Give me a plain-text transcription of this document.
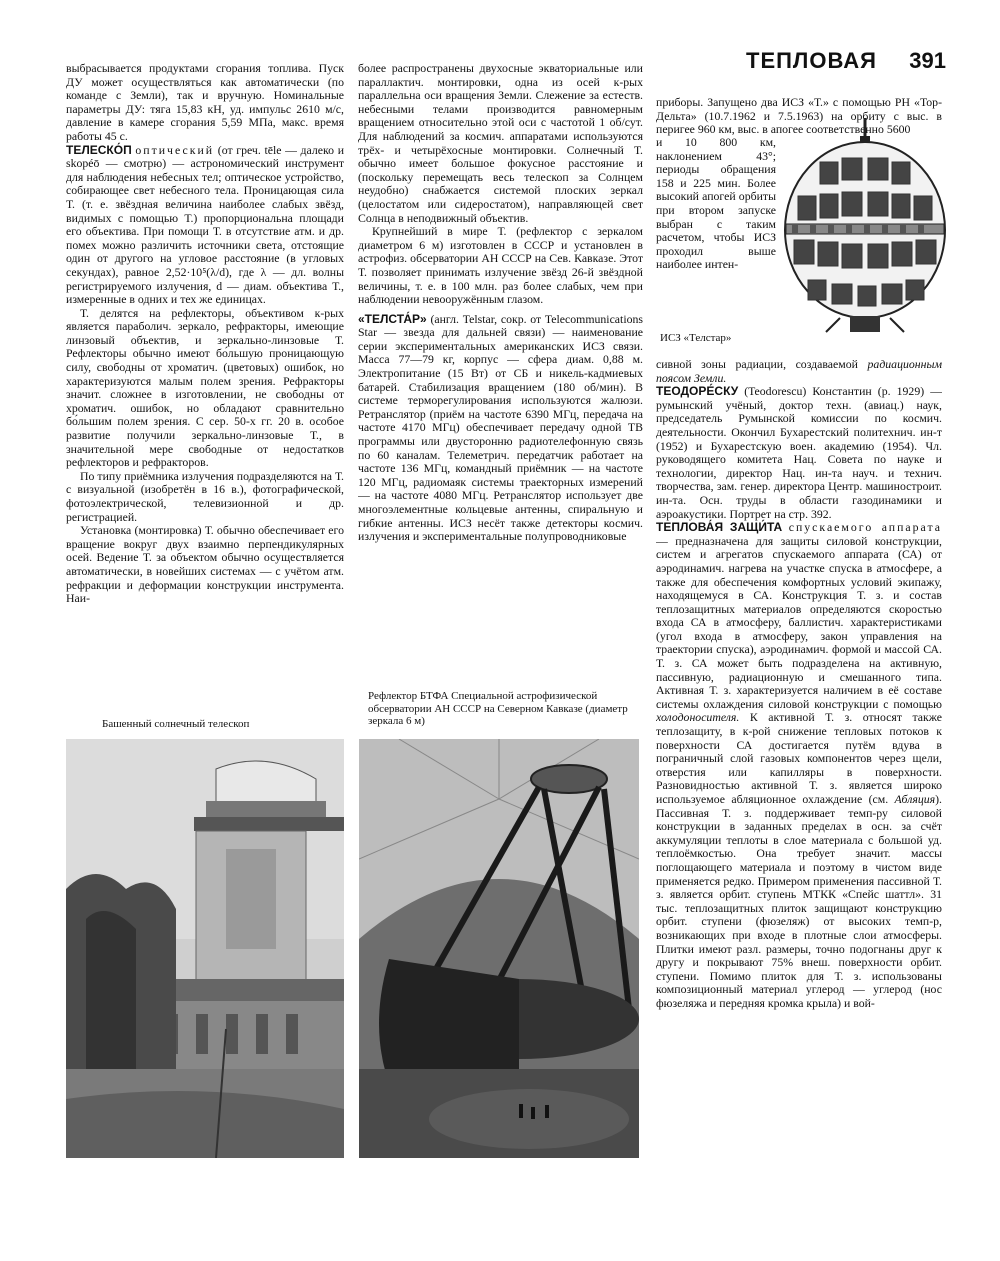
ТЕПЛОВАЯ 391

выбрасывается продуктами сгорания топлива. Пуск ДУ может осуществляться как автоматически (по команде с Земли), так и вручную. Номинальные параметры ДУ: тяга 15,83 кН, уд. импульс 2610 м/с, давление в камере сгорания 5,59 МПа, макс. время работы 45 с.

ТЕЛЕСКО́П оптический (от греч. tēle — далеко и skopéō — смотрю) — астрономический инструмент для наблюдения небесных тел; оптическое устройство, собирающее свет небесного тела. Проницающая сила Т. (т. е. звёздная величина наиболее слабых звёзд, видимых с помощью Т.) пропорциональна площади его объектива. При помощи Т. в отсутствие атм. и др. помех можно различить источники света, отстоящие один от другого на угловое расстояние (в угловых секундах), равное 2,52·10⁵(λ/d), где λ — дл. волны регистрируемого излучения, d — диам. объектива Т., измеренные в одних и тех же единицах.

Т. делятся на рефлекторы, объективом к-рых является параболич. зеркало, рефракторы, имеющие линзовый объектив, и зеркально-линзовые Т. Рефлекторы обычно имеют бо́льшую проницающую силу, свободны от хроматич. (цветовых) ошибок, но характеризуются малым полем зрения. Рефракторы значит. сложнее в изготовлении, не свободны от хроматич. ошибок, но обладают сравнительно бо́льшим полем зрения. С сер. 50-х гг. 20 в. особое развитие получили зеркально-линзовые Т., в значительной мере свободные от недостатков рефлекторов и рефракторов.

По типу приёмника излучения подразделяются на Т. с визуальной (изобретён в 16 в.), фотографической, фотоэлектрической, телевизионной и др. регистрацией.

Установка (монтировка) Т. обычно обеспечивает его вращение вокруг двух взаимно перпендикулярных осей. Ведение Т. за объектом обычно осуществляется автоматически, в новейших системах — с учётом атм. рефракции и деформации конструкции инструмента. Наи-

более распространены двухосные экваториальные или параллактич. монтировки, одна из осей к-рых параллельна оси вращения Земли. Слежение за естеств. небесными телами производится равномерным вращением относительно этой оси с частотой 1 об/сут. Для наблюдений за космич. аппаратами используются трёх- и четырёхосные монтировки. Солнечный Т. обычно имеет большое фокусное расстояние и (поскольку перемещать весь телескоп за Солнцем неудобно) снабжается системой плоских зеркал (целостатом или сидеростатом), направляющей свет Солнца в неподвижный объектив.

Крупнейший в мире Т. (рефлектор с зеркалом диаметром 6 м) изготовлен в СССР и установлен в астрофиз. обсерватории АН СССР на Сев. Кавказе. Этот Т. позволяет принимать излучение звёзд 26-й звёздной величины, т. е. в 100 млн. раз более слабых, чем при наблюдении невооружённым глазом.

«ТЕЛСТА́Р» (англ. Telstar, сокр. от Telecommunications Star — звезда для дальней связи) — наименование серии экспериментальных американских ИСЗ связи. Масса 77—79 кг, корпус — сфера диам. 0,88 м. Электропитание (15 Вт) от СБ и никель-кадмиевых батарей. Стабилизация вращением (180 об/мин). В системе терморегулирования используются жалюзи. Ретранслятор (приём на частоте 6390 МГц, передача на частоте 4170 МГц) обеспечивает передачу одной ТВ программы или двусторонню радиотелефонную связь по 60 каналам. Телеметрич. передатчик работает на частоте 136 МГц, командный приёмник — на частоте 120 МГц, радиомаяк системы траекторных измерений — на частоте 4080 МГц. Ретранслятор использует две многоэлементные кольцевые антенны, спиральную и гибкие антенны. ИСЗ несёт также детекторы космич. излучения и экспериментальные полупроводниковые

приборы. Запущено два ИСЗ «Т.» с помощью РН «Тор-Дельта» (10.7.1962 и 7.5.1963) на орбиту с выс. в перигее 960 км, выс. в апогее соответственно 5600

и 10 800 км, наклонением 43°; периоды обращения 158 и 225 мин. Более высокий апогей орбиты при втором запуске выбран с таким расчетом, чтобы ИСЗ проходил выше наиболее интен-

ИСЗ «Телстар»

сивной зоны радиации, создаваемой радиационным поясом Земли.

ТЕОДОРЕ́СКУ (Teodorescu) Константин (р. 1929) — румынский учёный, доктор техн. (авиац.) наук, председатель Румынской комиссии по космич. деятельности. Окончил Бухарестский политехнич. ин-т (1952) и Бухарестскую воен. академию (1954). Чл. руководящего комитета Нац. Совета по науке и технологии, директор Нац. ин-та науч. и технич. творчества, зам. генер. директора Центр. машиностроит. ин-та. Осн. труды в области газодинамики и аэроакустики. Портрет на стр. 392.

ТЕПЛОВА́Я ЗАЩИ́ТА спускаемого аппарата — предназначена для защиты силовой конструкции, систем и агрегатов спускаемого аппарата (СА) от аэродинамич. нагрева на участке спуска в атмосфере, а также для обеспечения комфортных условий экипажу, находящемуся в СА. Конструкция Т. з. и состав теплозащитных материалов определяются скоростью входа СА в атмосферу, баллистич. характеристиками (угол входа в атмосферу, закон управления на траектории спуска), аэродинамич. формой и массой СА. Т. з. СА может быть подразделена на активную, пассивную, радиационную и смешанного типа. Активная Т. з. характеризуется наличием в её составе системы охлаждения силовой конструкции с помощью холодоносителя. К активной Т. з. относят также теплозащиту, в к-рой снижение тепловых потоков к поверхности СА достигается путём вдува в пограничный слой газовых компонентов через щели, отверстия или капилляры в поверхности. Разновидностью активной Т. з. является широко используемое абляционное охлаждение (см. Абляция). Пассивная Т. з. поддерживает темп-ру силовой конструкции в заданных пределах в осн. за счёт аккумуляции теплоты в слое материала с большой уд. теплоёмкостью. Она требует значит. массы поглощающего материала и поэтому в чистом виде применяется редко. Примером применения пассивной Т. з. является орбит. ступень МТКК «Спейс шаттл». 31 тыс. теплозащитных плиток защищают конструкцию орбит. ступени (фюзеляж) от высоких темп-р, возникающих при входе в плотные слои атмосферы. Плитки имеют разл. размеры, точно подогнаны друг к другу и покрывают 75% внеш. поверхности орбит. ступени. Помимо плиток для Т. з. использованы композиционный материал углерод — углерод (нос фюзеляжа и передняя кромка крыла) и вой-

Башенный солнечный телескоп
Рефлектор БТФА Специальной астрофизической обсерватории АН СССР на Северном Кавказе (диаметр зеркала 6 м)
